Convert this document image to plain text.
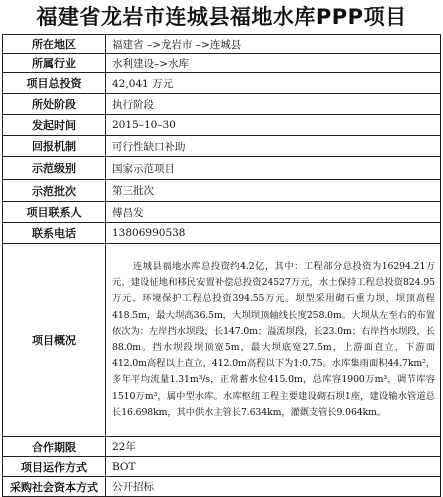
福建省龙岩市连城县福地水库PPP项目
所在地区	福建省 –>龙岩市 –>连城县
所属行业	水利建设–>水库
项目总投资	42,041 万元
所处阶段	执行阶段
发起时间	2015–10–30
回报机制	可行性缺口补助
示范级别	国家示范项目
示范批次	第三批次
项目联系人	傅昌发
联系电话	13806990538
项目概况	连城县福地水库总投资约4.2亿，其中：工程部分总投资为16294.21万元，建设征地和移民安置补偿总投资24527万元，水土保持工程总投资824.95万元、环境保护工程总投资394.55万元。坝型采用砌石重力坝，坝顶高程418.5m，最大坝高36.5m，大坝坝顶轴线长度258.0m。大坝从左至右的布置依次为：左岸挡水坝段，长147.0m；溢流坝段，长23.0m；右岸挡水坝段，长88.0m。挡水坝段坝顶宽5m，最大坝底宽27.5m，上游面直立，下游面412.0m高程以上直立，412.0m高程以下为1:0.75。水库集雨面积44.7km²，多年平均流量1.31m³/s，正常蓄水位415.0m，总库容1900万m³，调节库容1510万m³，属中型水库。水库枢纽工程主要建设砌石坝1座，建设输水管道总长16.698km，其中供水主管长7.634km，灌溉支管长9.064km。
合作期限	22年
项目运作方式	BOT
采购社会资本方式	公开招标
